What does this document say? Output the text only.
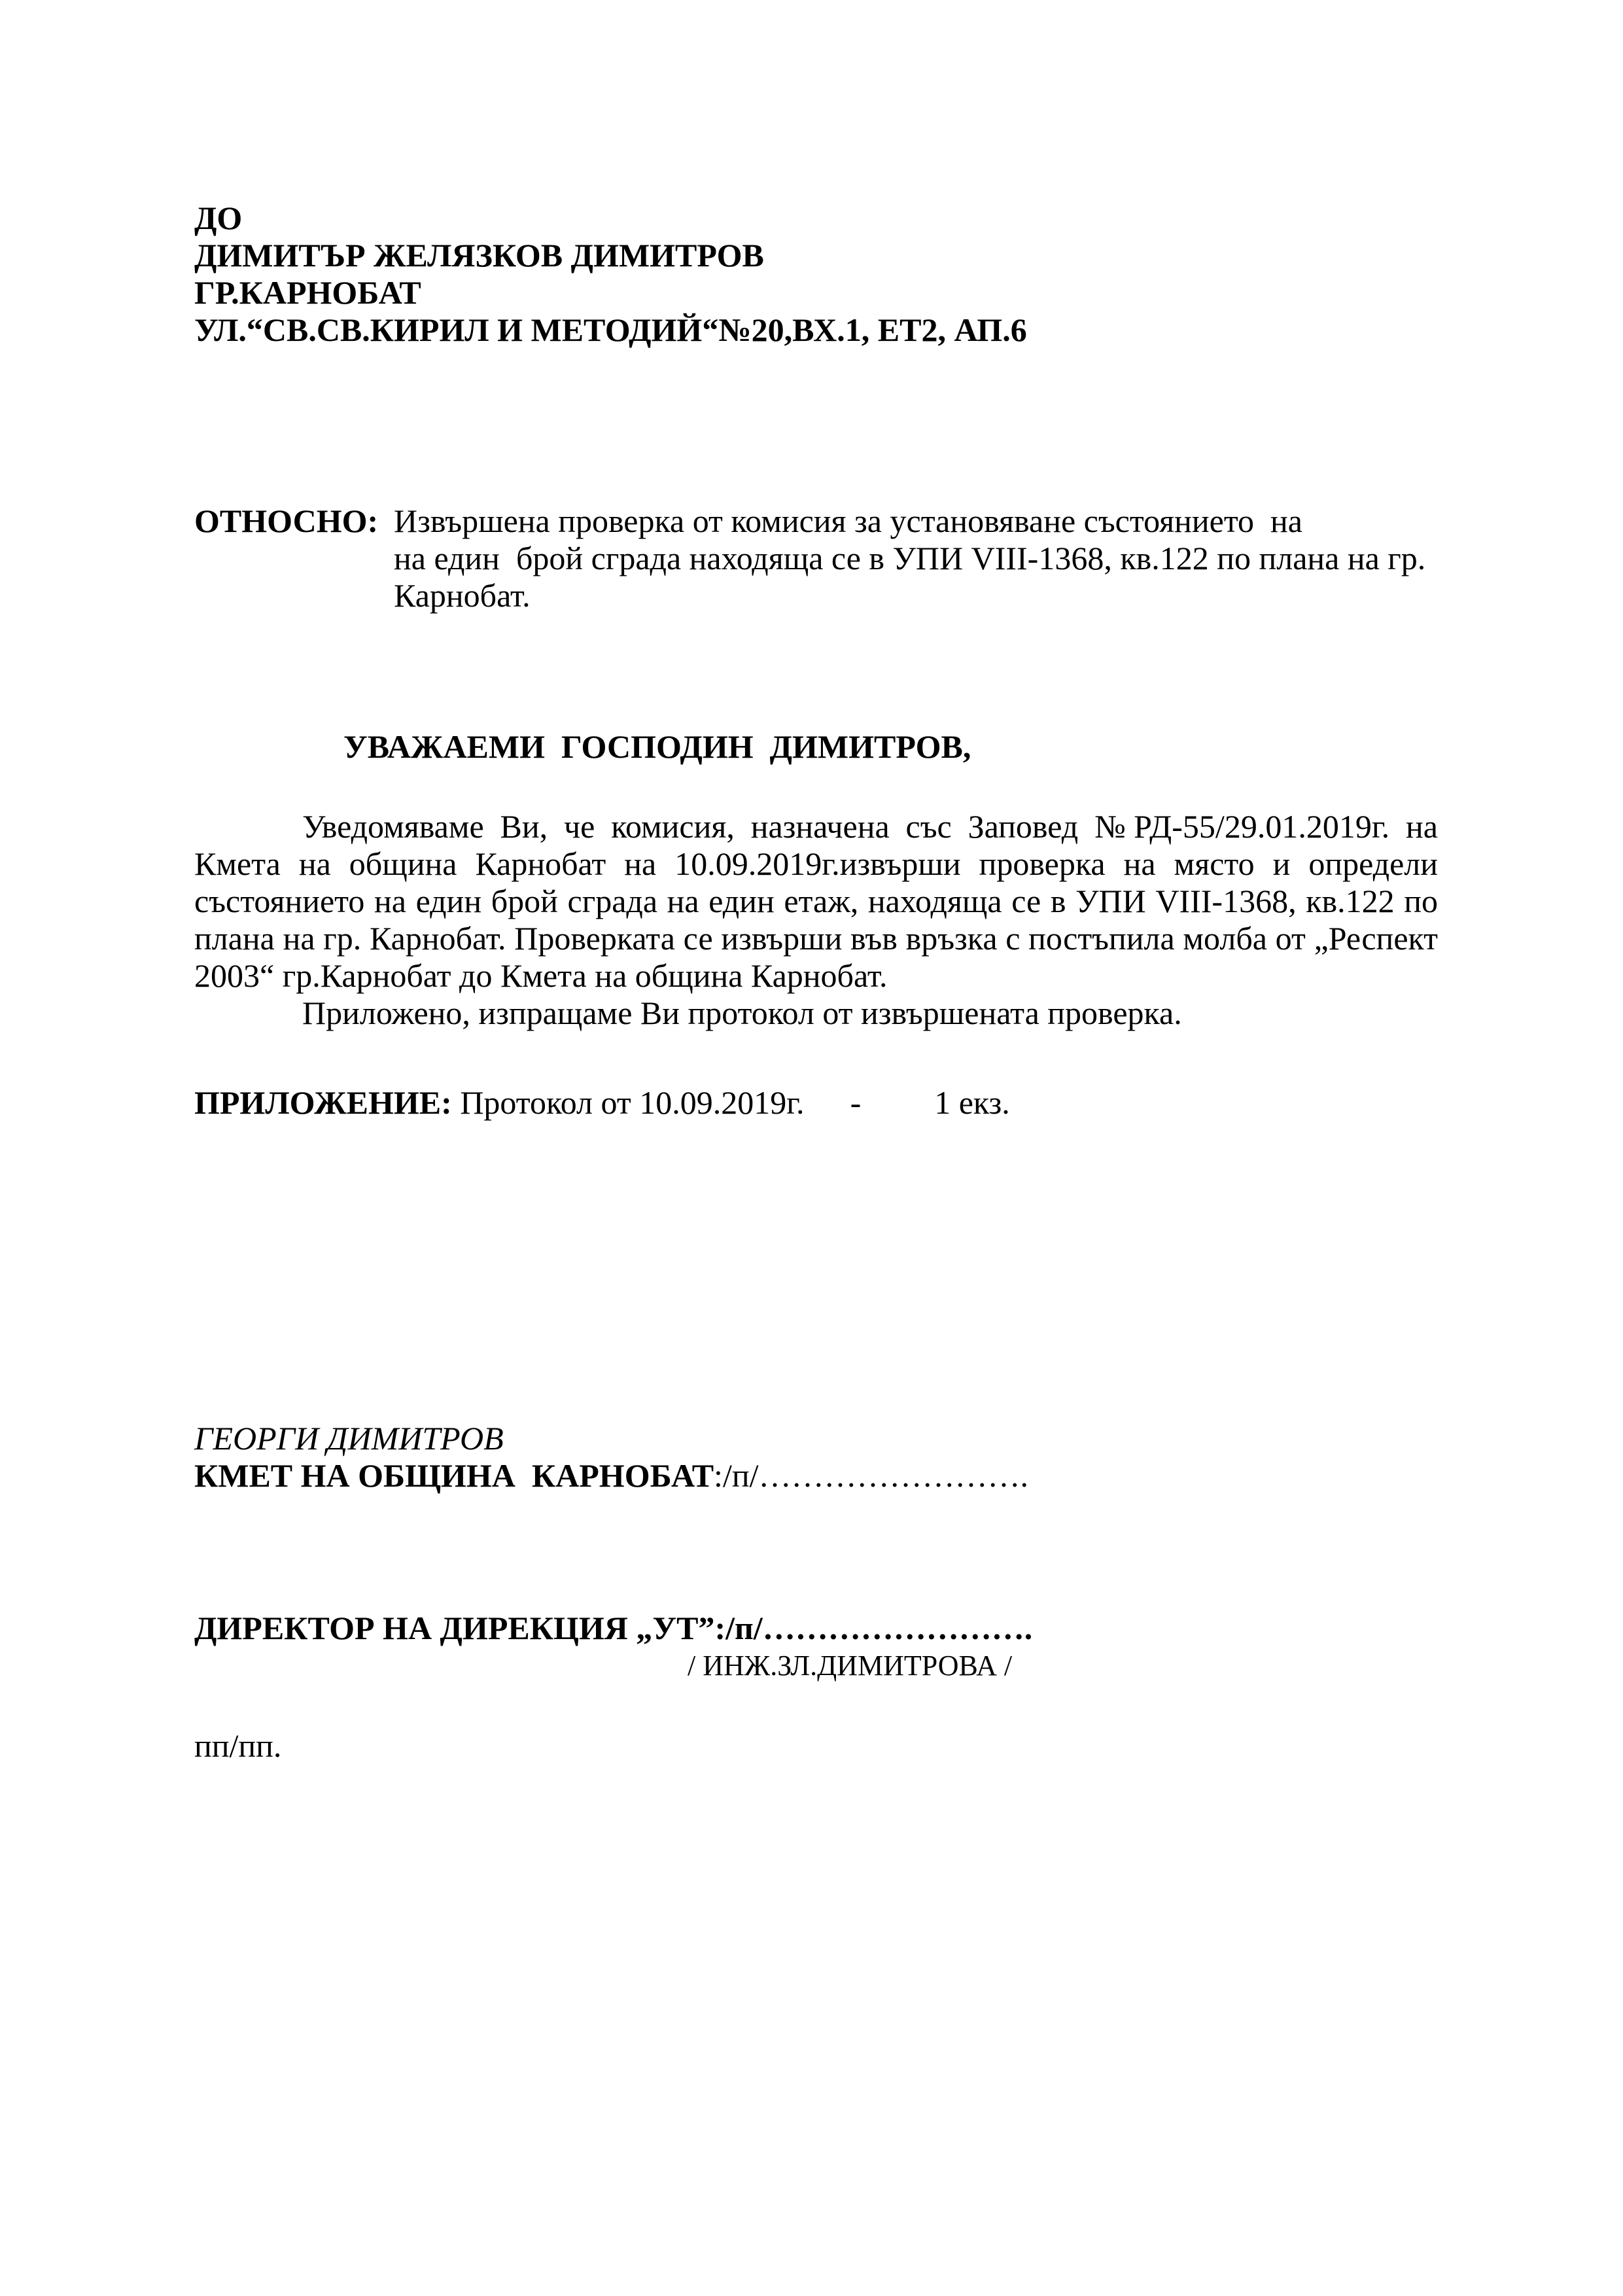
ДО
ДИМИТЪР ЖЕЛЯЗКОВ ДИМИТРОВ
ГР.КАРНОБАТ
УЛ.“СВ.СВ.КИРИЛ И МЕТОДИЙ“№20,ВХ.1, ЕТ2, АП.6
ОТНОСНО: Извършена проверка от комисия за установяване състоянието  на
на един  брой сграда находяща се в УПИ VIII-1368, кв.122 по плана на гр.
Карнобат.
УВАЖАЕМИ  ГОСПОДИН  ДИМИТРОВ,
Уведомяваме Ви, че комисия, назначена със Заповед №РД-55/29.01.2019г. на Кмета на община Карнобат на 10.09.2019г.извърши проверка на място и определи състоянието на един брой сграда на един етаж, находяща се в УПИ VIII-1368, кв.122 по плана на гр. Карнобат. Проверката се извърши във връзка с постъпила молба от „Респект 2003“ гр.Карнобат до Кмета на община Карнобат.
Приложено, изпращаме Ви протокол от извършената проверка.
ПРИЛОЖЕНИЕ: Протокол от 10.09.2019г. - 1 екз.
ГЕОРГИ ДИМИТРОВ
КМЕТ НА ОБЩИНА  КАРНОБАТ:/п/…………………….
ДИРЕКТОР НА ДИРЕКЦИЯ „УТ”:/п/…………………….
/ ИНЖ.ЗЛ.ДИМИТРОВА /
пп/пп.
